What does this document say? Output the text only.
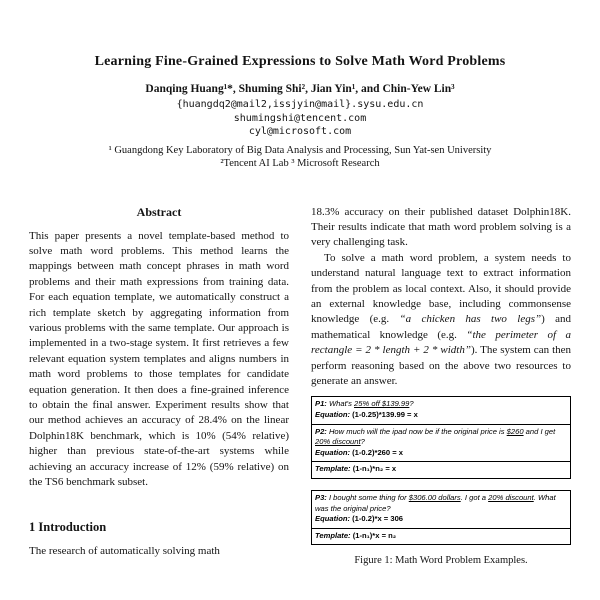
Learning Fine-Grained Expressions to Solve Math Word Problems
Danqing Huang¹*, Shuming Shi², Jian Yin¹, and Chin-Yew Lin³
{huangdq2@mail2,issjyin@mail}.sysu.edu.cn
shumingshi@tencent.com
cyl@microsoft.com
¹ Guangdong Key Laboratory of Big Data Analysis and Processing, Sun Yat-sen University
²Tencent AI Lab ³ Microsoft Research
Abstract

This paper presents a novel template-based method to solve math word problems. This method learns the mappings between math concept phrases in math word problems and their math expressions from training data. For each equation template, we automatically construct a rich template sketch by aggregating information from various problems with the same template. Our approach is implemented in a two-stage system. It first retrieves a few relevant equation system templates and aligns numbers in math word problems to those templates for candidate equation generation. It then does a fine-grained inference to obtain the final answer. Experiment results show that our method achieves an accuracy of 28.4% on the linear Dolphin18K benchmark, which is 10% (54% relative) higher than previous state-of-the-art systems while achieving an accuracy increase of 12% (59% relative) on the TS6 benchmark subset.

1 Introduction

The research of automatically solving math

18.3% accuracy on their published dataset Dolphin18K. Their results indicate that math word problem solving is a very challenging task.

To solve a math word problem, a system needs to understand natural language text to extract information from the problem as local context. Also, it should provide an external knowledge base, including commonsense knowledge (e.g. “a chicken has two legs”) and mathematical knowledge (e.g. “the perimeter of a rectangle = 2 * length + 2 * width”). The system can then perform reasoning based on the above two resources to generate an answer.

P1: What's 25% off $139.99?
Equation: (1-0.25)*139.99 = x
P2: How much will the ipad now be if the original price is $260 and I get 20% discount?
Equation: (1-0.2)*260 = x
Template: (1-n₁)*n₂ = x
P3: I bought some thing for $306.00 dollars. I got a 20% discount. What was the original price?
Equation: (1-0.2)*x = 306
Template: (1-n₁)*x = n₂
Figure 1: Math Word Problem Examples.
